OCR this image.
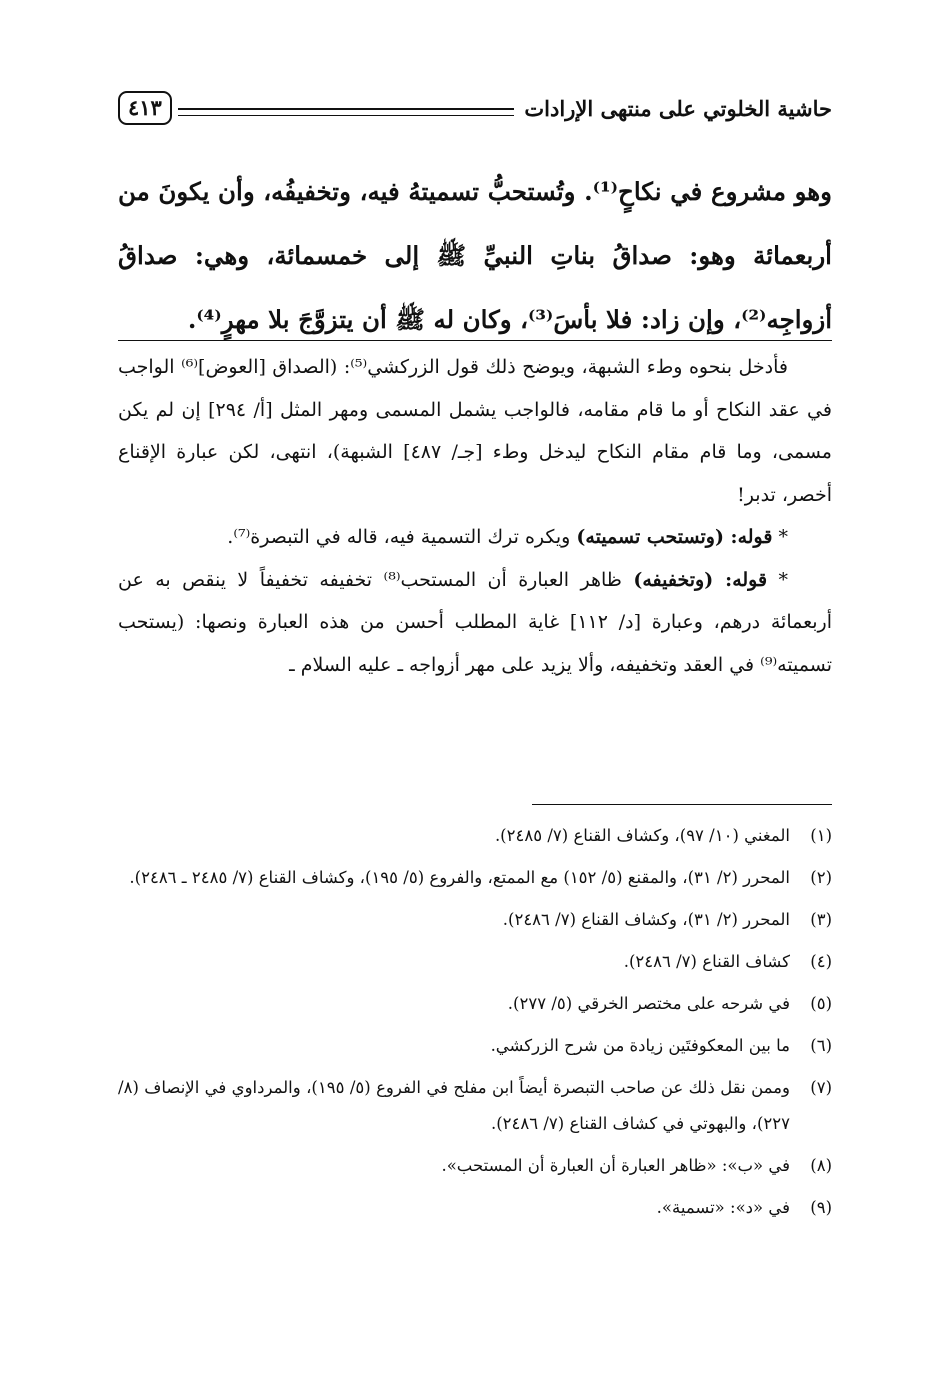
حاشية الخلوتي على منتهى الإرادات
٤١٣
وهو مشروع في نكاحٍ⁽¹⁾. وتُستحبُّ تسميتهُ فيه، وتخفيفُه، وأن يكونَ من أربعمائة وهو: صداقُ بناتِ النبيِّ ﷺ إلى خمسمائة، وهي: صداقُ أزواجِه⁽²⁾، وإن زاد: فلا بأسَ⁽³⁾، وكان له ﷺ أن يتزوَّجَ بلا مهرٍ⁽⁴⁾.

فأدخل بنحوه وطء الشبهة، ويوضح ذلك قول الزركشي⁽⁵⁾: (الصداق [العوض]⁽⁶⁾ الواجب في عقد النكاح أو ما قام مقامه، فالواجب يشمل المسمى ومهر المثل [أ/ ٢٩٤] إن لم يكن مسمى، وما قام مقام النكاح ليدخل وطء [جـ/ ٤٨٧] الشبهة)، انتهى، لكن عبارة الإقناع أخصر، تدبر!

* قوله: (وتستحب تسميته) ويكره ترك التسمية فيه، قاله في التبصرة⁽⁷⁾.

* قوله: (وتخفيفه) ظاهر العبارة أن المستحب⁽⁸⁾ تخفيفه تخفيفاً لا ينقص به عن أربعمائة درهم، وعبارة [د/ ١١٢] غاية المطلب أحسن من هذه العبارة ونصها: (يستحب تسميته⁽⁹⁾ في العقد وتخفيفه، وألا يزيد على مهر أزواجه ـ عليه السلام ـ

(١)
المغني (١٠/ ٩٧)، وكشاف القناع (٧/ ٢٤٨٥).
(٢)
المحرر (٢/ ٣١)، والمقنع (٥/ ١٥٢) مع الممتع، والفروع (٥/ ١٩٥)، وكشاف القناع (٧/ ٢٤٨٥ ـ ٢٤٨٦).
(٣)
المحرر (٢/ ٣١)، وكشاف القناع (٧/ ٢٤٨٦).
(٤)
كشاف القناع (٧/ ٢٤٨٦).
(٥)
في شرحه على مختصر الخرقي (٥/ ٢٧٧).
(٦)
ما بين المعكوفتَين زيادة من شرح الزركشي.
(٧)
وممن نقل ذلك عن صاحب التبصرة أيضاً ابن مفلح في الفروع (٥/ ١٩٥)، والمرداوي في الإنصاف (٨/ ٢٢٧)، والبهوتي في كشاف القناع (٧/ ٢٤٨٦).
(٨)
في «ب»: «ظاهر العبارة أن العبارة أن المستحب».
(٩)
في «د»: «تسمية».
